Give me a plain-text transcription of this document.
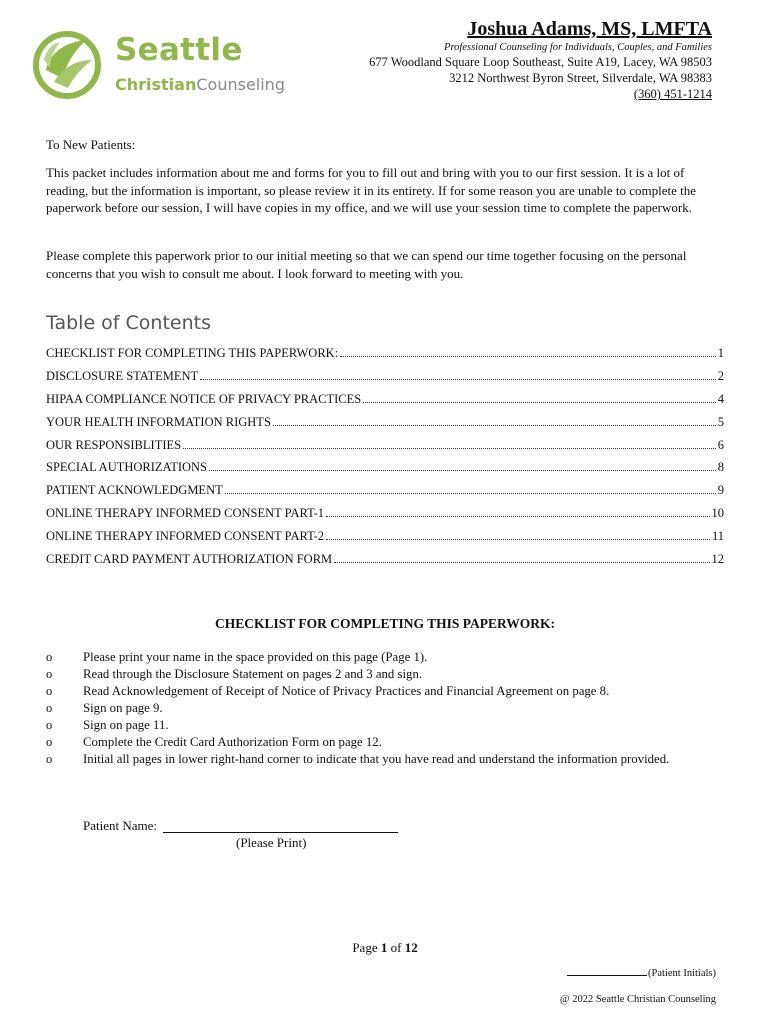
Seattle
ChristianCounseling
Joshua Adams, MS, LMFTA
Professional Counseling for Individuals, Couples, and Families
677 Woodland Square Loop Southeast, Suite A19, Lacey, WA 98503
3212 Northwest Byron Street, Silverdale, WA 98383
(360) 451-1214
To New Patients:
This packet includes information about me and forms for you to fill out and bring with you to our first session. It is a lot of reading, but the information is important, so please review it in its entirety. If for some reason you are unable to complete the paperwork before our session, I will have copies in my office, and we will use your session time to complete the paperwork.
Please complete this paperwork prior to our initial meeting so that we can spend our time together focusing on the personal concerns that you wish to consult me about. I look forward to meeting with you.
Table of Contents
CHECKLIST FOR COMPLETING THIS PAPERWORK:	1
DISCLOSURE STATEMENT	2
HIPAA COMPLIANCE NOTICE OF PRIVACY PRACTICES	4
YOUR HEALTH INFORMATION RIGHTS	5
OUR RESPONSIBLITIES	6
SPECIAL AUTHORIZATIONS	8
PATIENT ACKNOWLEDGMENT	9
ONLINE THERAPY INFORMED CONSENT PART-1	10
ONLINE THERAPY INFORMED CONSENT PART-2	11
CREDIT CARD PAYMENT AUTHORIZATION FORM	12
CHECKLIST FOR COMPLETING THIS PAPERWORK:
o	Please print your name in the space provided on this page (Page 1).
o	Read through the Disclosure Statement on pages 2 and 3 and sign.
o	Read Acknowledgement of Receipt of Notice of Privacy Practices and Financial Agreement on page 8.
o	Sign on page 9.
o	Sign on page 11.
o	Complete the Credit Card Authorization Form on page 12.
o	Initial all pages in lower right-hand corner to indicate that you have read and understand the information provided.
Patient Name:
(Please Print)
Page 1 of 12
(Patient Initials)
@ 2022 Seattle Christian Counseling
